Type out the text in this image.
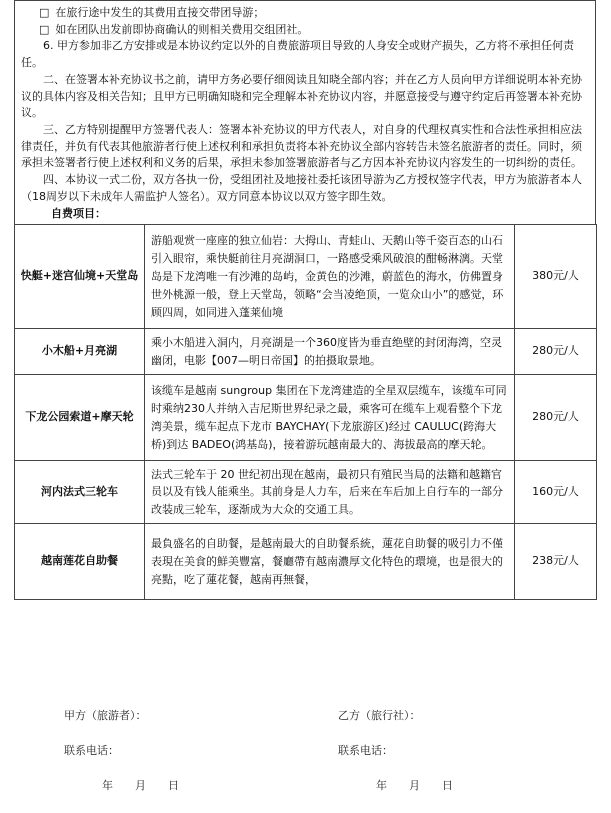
□ 在旅行途中发生的其费用直接交带团导游；

□ 如在团队出发前即协商确认的则相关费用交组团社。

6. 甲方参加非乙方安排或是本协议约定以外的自费旅游项目导致的人身安全或财产损失，乙方将不承担任何责任。

二、在签署本补充协议书之前，请甲方务必要仔细阅读且知晓全部内容；并在乙方人员向甲方详细说明本补充协议的具体内容及相关告知；且甲方已明确知晓和完全理解本补充协议内容，并愿意接受与遵守约定后再签署本补充协议。

三、乙方特别提醒甲方签署代表人：签署本补充协议的甲方代表人，对自身的代理权真实性和合法性承担相应法律责任，并负有代表其他旅游者行使上述权利和承担负责将本补充协议全部内容转告未签名旅游者的责任。同时，须承担未签署者行使上述权利和义务的后果，承担未参加签署旅游者与乙方因本补充协议内容发生的一切纠纷的责任。

四、本协议一式二份，双方各执一份，受组团社及地接社委托该团导游为乙方授权签字代表，甲方为旅游者本人（18周岁以下未成年人需监护人签名）。双方同意本协议以双方签字即生效。

自费项目：

快艇+迷宫仙境+天堂岛	游船观赏一座座的独立仙岩：大拇山、青蛙山、天鹅山等千姿百态的山石引入眼帘，乘快艇前往月亮湖洞口，一路感受乘风破浪的酣畅淋漓。天堂岛是下龙湾唯一有沙滩的岛屿，金黄色的沙滩，蔚蓝色的海水，仿佛置身世外桃源一般，登上天堂岛，领略“会当凌绝顶，一览众山小”的感觉，环顾四周，如同进入蓬莱仙境	380元/人
小木船+月亮湖	乘小木船进入洞内，月亮湖是一个360度皆为垂直绝壁的封闭海湾，空灵幽闭，电影【007—明日帝国】的拍摄取景地。	280元/人
下龙公园索道+摩天轮	该缆车是越南 sungroup 集团在下龙湾建造的全星双层缆车，该缆车可同时乘纳230人并纳入吉尼斯世界纪录之最，乘客可在缆车上观看整个下龙湾美景，缆车起点下龙市 BAYCHAY(下龙旅游区)经过 CAULUC(跨海大桥)到达 BADEO(鸿基岛)，接着游玩越南最大的、海拔最高的摩天轮。	280元/人
河内法式三轮车	法式三轮车于 20 世纪初出现在越南，最初只有殖民当局的法籍和越籍官员以及有钱人能乘坐。其前身是人力车，后来在车后加上自行车的一部分改装成三轮车，逐渐成为大众的交通工具。	160元/人
越南莲花自助餐	最負盛名的自助餐，是越南最大的自助餐系統，蓮花自助餐的吸引力不僅表現在美食的鮮美豐富，餐廳帶有越南濃厚文化特色的環境，也是很大的亮點，吃了蓮花餐，越南再無餐，	238元/人
甲方（旅游者）：	乙方（旅行社）：
联系电话：	联系电话：
年　　月　　日	年　　月　　日
